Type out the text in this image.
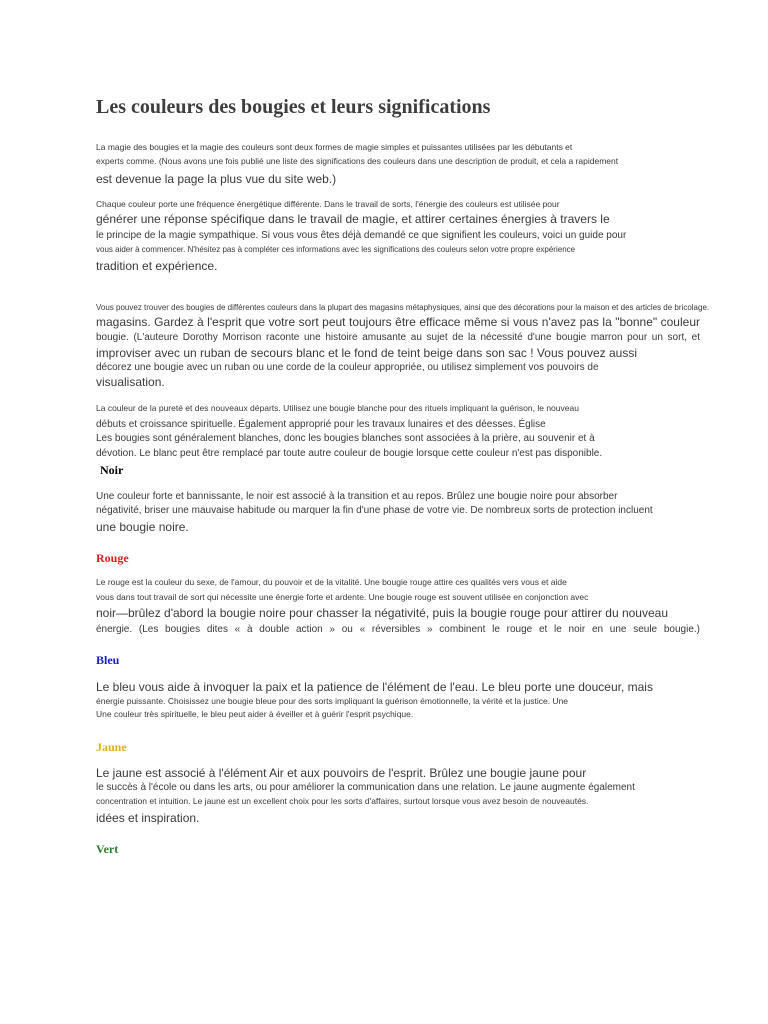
Les couleurs des bougies et leurs significations
La magie des bougies et la magie des couleurs sont deux formes de magie simples et puissantes utilisées par les débutants et
experts comme. (Nous avons une fois publié une liste des significations des couleurs dans une description de produit, et cela a rapidement
est devenue la page la plus vue du site web.)
Chaque couleur porte une fréquence énergétique différente. Dans le travail de sorts, l'énergie des couleurs est utilisée pour
générer une réponse spécifique dans le travail de magie, et attirer certaines énergies à travers le
le principe de la magie sympathique. Si vous vous êtes déjà demandé ce que signifient les couleurs, voici un guide pour
vous aider à commencer. N'hésitez pas à compléter ces informations avec les significations des couleurs selon votre propre expérience
tradition et expérience.
Vous pouvez trouver des bougies de différentes couleurs dans la plupart des magasins métaphysiques, ainsi que des décorations pour la maison et des articles de bricolage.
magasins. Gardez à l'esprit que votre sort peut toujours être efficace même si vous n'avez pas la "bonne" couleur
bougie. (L'auteure Dorothy Morrison raconte une histoire amusante au sujet de la nécessité d'une bougie marron pour un sort, et
improviser avec un ruban de secours blanc et le fond de teint beige dans son sac ! Vous pouvez aussi
décorez une bougie avec un ruban ou une corde de la couleur appropriée, ou utilisez simplement vos pouvoirs de
visualisation.
La couleur de la pureté et des nouveaux départs. Utilisez une bougie blanche pour des rituels impliquant la guérison, le nouveau
débuts et croissance spirituelle. Également approprié pour les travaux lunaires et des déesses. Église
Les bougies sont généralement blanches, donc les bougies blanches sont associées à la prière, au souvenir et à
dévotion. Le blanc peut être remplacé par toute autre couleur de bougie lorsque cette couleur n'est pas disponible.
Noir
Une couleur forte et bannissante, le noir est associé à la transition et au repos. Brûlez une bougie noire pour absorber
négativité, briser une mauvaise habitude ou marquer la fin d'une phase de votre vie. De nombreux sorts de protection incluent
une bougie noire.
Rouge
Le rouge est la couleur du sexe, de l'amour, du pouvoir et de la vitalité. Une bougie rouge attire ces qualités vers vous et aide
vous dans tout travail de sort qui nécessite une énergie forte et ardente. Une bougie rouge est souvent utilisée en conjonction avec
noir—brûlez d'abord la bougie noire pour chasser la négativité, puis la bougie rouge pour attirer du nouveau
énergie. (Les bougies dites « à double action » ou « réversibles » combinent le rouge et le noir en une seule bougie.)
Bleu
Le bleu vous aide à invoquer la paix et la patience de l'élément de l'eau. Le bleu porte une douceur, mais
énergie puissante. Choisissez une bougie bleue pour des sorts impliquant la guérison émotionnelle, la vérité et la justice. Une
Une couleur très spirituelle, le bleu peut aider à éveiller et à guérir l'esprit psychique.
Jaune
Le jaune est associé à l'élément Air et aux pouvoirs de l'esprit. Brûlez une bougie jaune pour
le succès à l'école ou dans les arts, ou pour améliorer la communication dans une relation. Le jaune augmente également
concentration et intuition. Le jaune est un excellent choix pour les sorts d'affaires, surtout lorsque vous avez besoin de nouveautés.
idées et inspiration.
Vert
